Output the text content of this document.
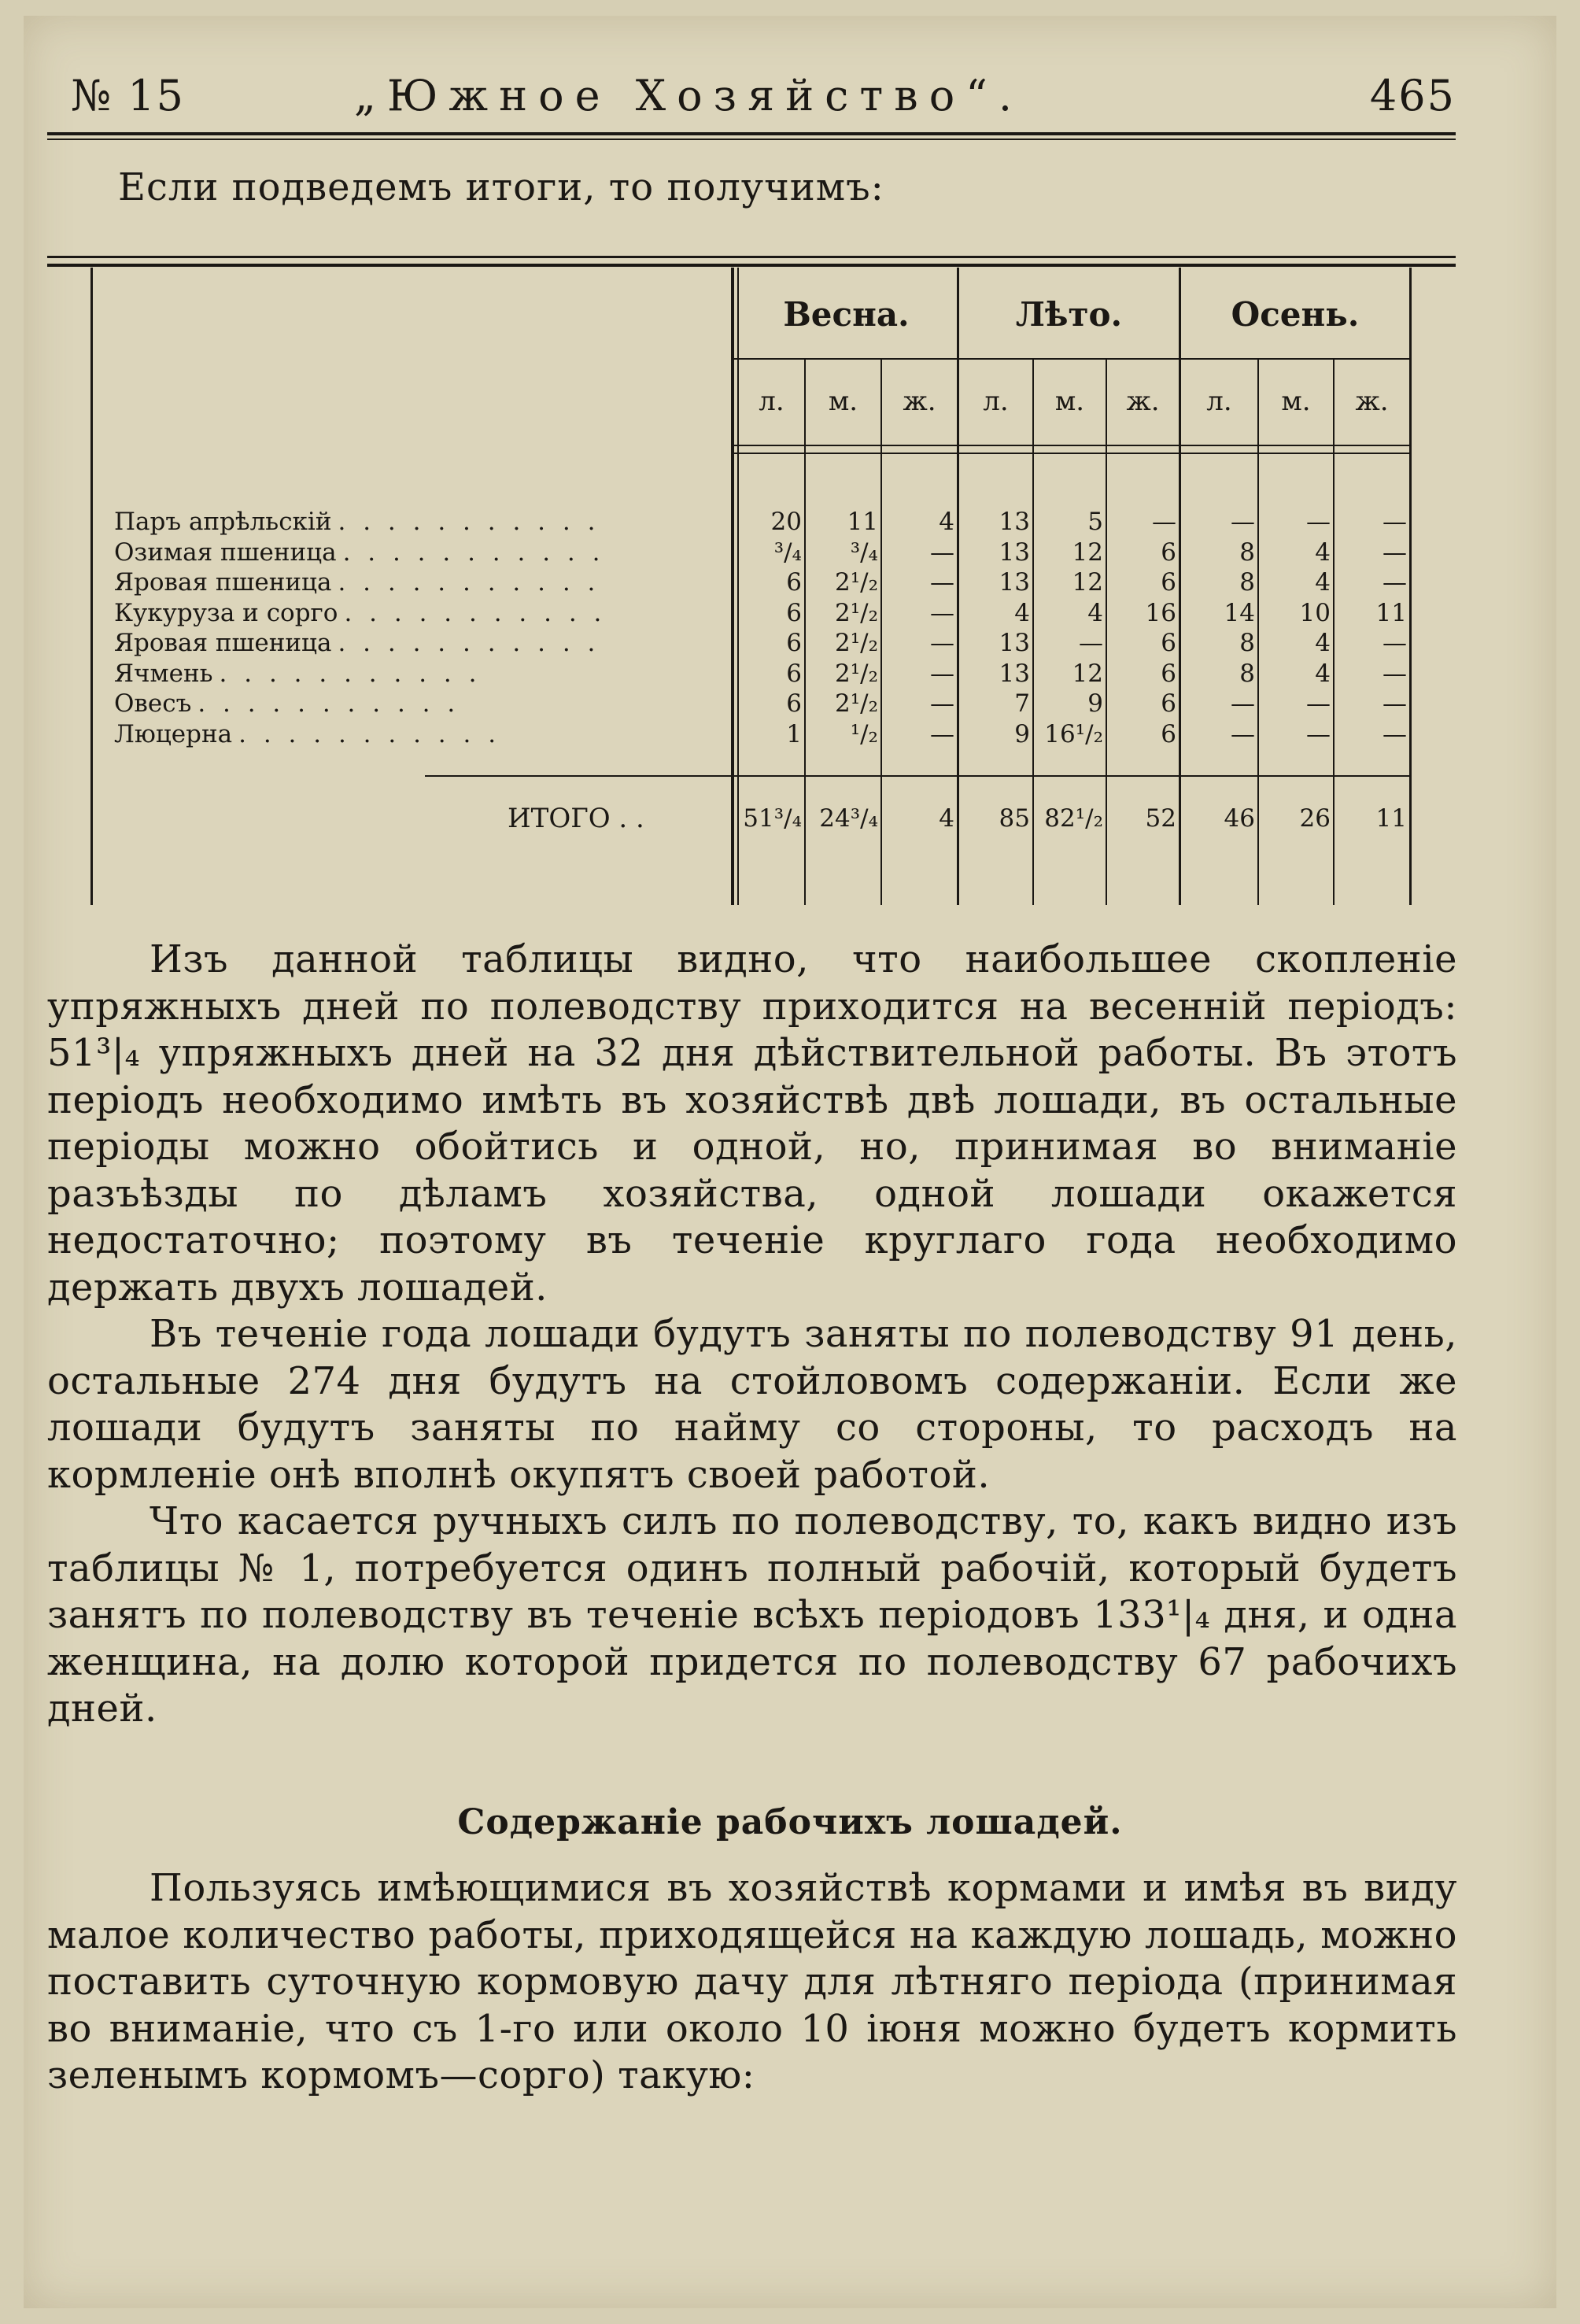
№ 15	„Южное Хозяйство“.	465
Если подведемъ итоги, то получимъ:
Весна.	Лѣто.	Осень.
л.	м.	ж.	л.	м.	ж.	л.	м.	ж.
Паръ апрѣльскій . . . . . . . . . . .	20 11 4 13 5 — — — —
Озимая пшеница . . . . . . . . . . .	³/₄ ³/₄ — 13 12 6	8 4 —
Яровая пшеница . . . . . . . . . . .	6 2¹/₂ — 13 12 6	8 4 —
Кукуруза и сорго . . . . . . . . . . .	6 2¹/₂ — 4 4 16 14 10 11
Яровая пшеница . . . . . . . . . . .	6 2¹/₂ — 13 — 6	8 4 —
Ячмень . . . . . . . . . . .	6 2¹/₂ — 13 12 6	8 4 —
Овесъ . . . . . . . . . . .	6 2¹/₂ — 7 9 6 — — —
Люцерна . . . . . . . . . . .	1 ¹/₂ — 9 16¹/₂ 6 — — —
ИТОГО . .	51³/₄ 24³/₄ 4 85 82¹/₂ 52 46 26 11

Изъ данной таблицы видно, что наибольшее скопленіе упряжныхъ дней по полеводству приходится на весенній періодъ: 51³|₄ упряжныхъ дней на 32 дня дѣйствительной работы. Въ этотъ періодъ необходимо имѣть въ хозяйствѣ двѣ лошади, въ остальные періоды можно обойтись и одной, но, принимая во вниманіе разъѣзды по дѣламъ хозяйства, одной лошади окажется недостаточно; поэтому въ теченіе круглаго года необходимо держать двухъ лошадей.

Въ теченіе года лошади будутъ заняты по полеводству 91 день, остальные 274 дня будутъ на стойловомъ содержаніи. Если же лошади будутъ заняты по найму со стороны, то расходъ на кормленіе онѣ вполнѣ окупятъ своей работой.

Что касается ручныхъ силъ по полеводству, то, какъ видно изъ таблицы № 1, потребуется одинъ полный рабочій, который будетъ занятъ по полеводству въ теченіе всѣхъ періодовъ 133¹|₄ дня, и одна женщина, на долю которой придется по полеводству 67 рабочихъ дней.

Содержаніе рабочихъ лошадей.

Пользуясь имѣющимися въ хозяйствѣ кормами и имѣя въ виду малое количество работы, приходящейся на каждую лошадь, можно поставить суточную кормовую дачу для лѣтняго періода (принимая во вниманіе, что съ 1-го или около 10 іюня можно будетъ кормить зеленымъ кормомъ—сорго) такую:
